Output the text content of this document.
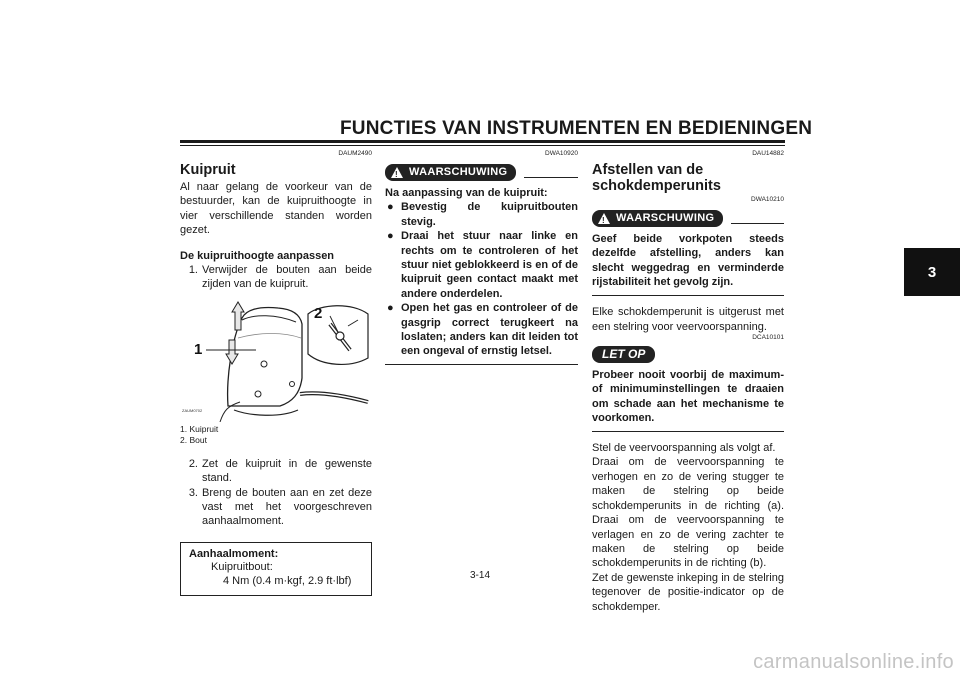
FUNCTIES VAN INSTRUMENTEN EN BEDIENINGEN
3
DAUM2490
Kuipruit

Al naar gelang de voorkeur van de bestuurder, kan de kuipruithoogte in vier verschillende standen worden gezet.

De kuipruithoogte aanpassen
1. Verwijder de bouten aan beide zijden van de kuipruit.
1
2
ZAUM0702
1. Kuipruit
2. Bout
2. Zet de kuipruit in de gewenste stand.
3. Breng de bouten aan en zet deze vast met het voorgeschreven aanhaalmoment.
Aanhaalmoment:
Kuipruitbout:
4 Nm (0.4 m·kgf, 2.9 ft·lbf)
DWA10920
! WAARSCHUWING
Na aanpassing van de kuipruit:
● Bevestig de kuipruitbouten stevig.
● Draai het stuur naar linke en rechts om te controleren of het stuur niet geblokkeerd is en of de kuipruit geen contact maakt met andere onderdelen.
● Open het gas en controleer of de gasgrip correct terugkeert na loslaten; anders kan dit leiden tot een ongeval of ernstig letsel.
DAU14882
Afstellen van de schokdemperunits
DWA10210
! WAARSCHUWING

Geef beide vorkpoten steeds dezelfde afstelling, anders kan slecht weggedrag en verminderde rijstabiliteit het gevolg zijn.

Elke schokdemperunit is uitgerust met een stelring voor veervoorspanning.

DCA10101
LET OP

Probeer nooit voorbij de maximum- of minimuminstellingen te draaien om schade aan het mechanisme te voorkomen.

Stel de veervoorspanning als volgt af.

Draai om de veervoorspanning te verhogen en zo de vering stugger te maken de stelring op beide schokdemperunits in de richting (a). Draai om de veervoorspanning te verlagen en zo de vering zachter te maken de stelring op beide schokdemperunits in de richting (b).

Zet de gewenste inkeping in de stelring tegenover de positie-indicator op de schokdemper.

3-14
carmanualsonline.info
